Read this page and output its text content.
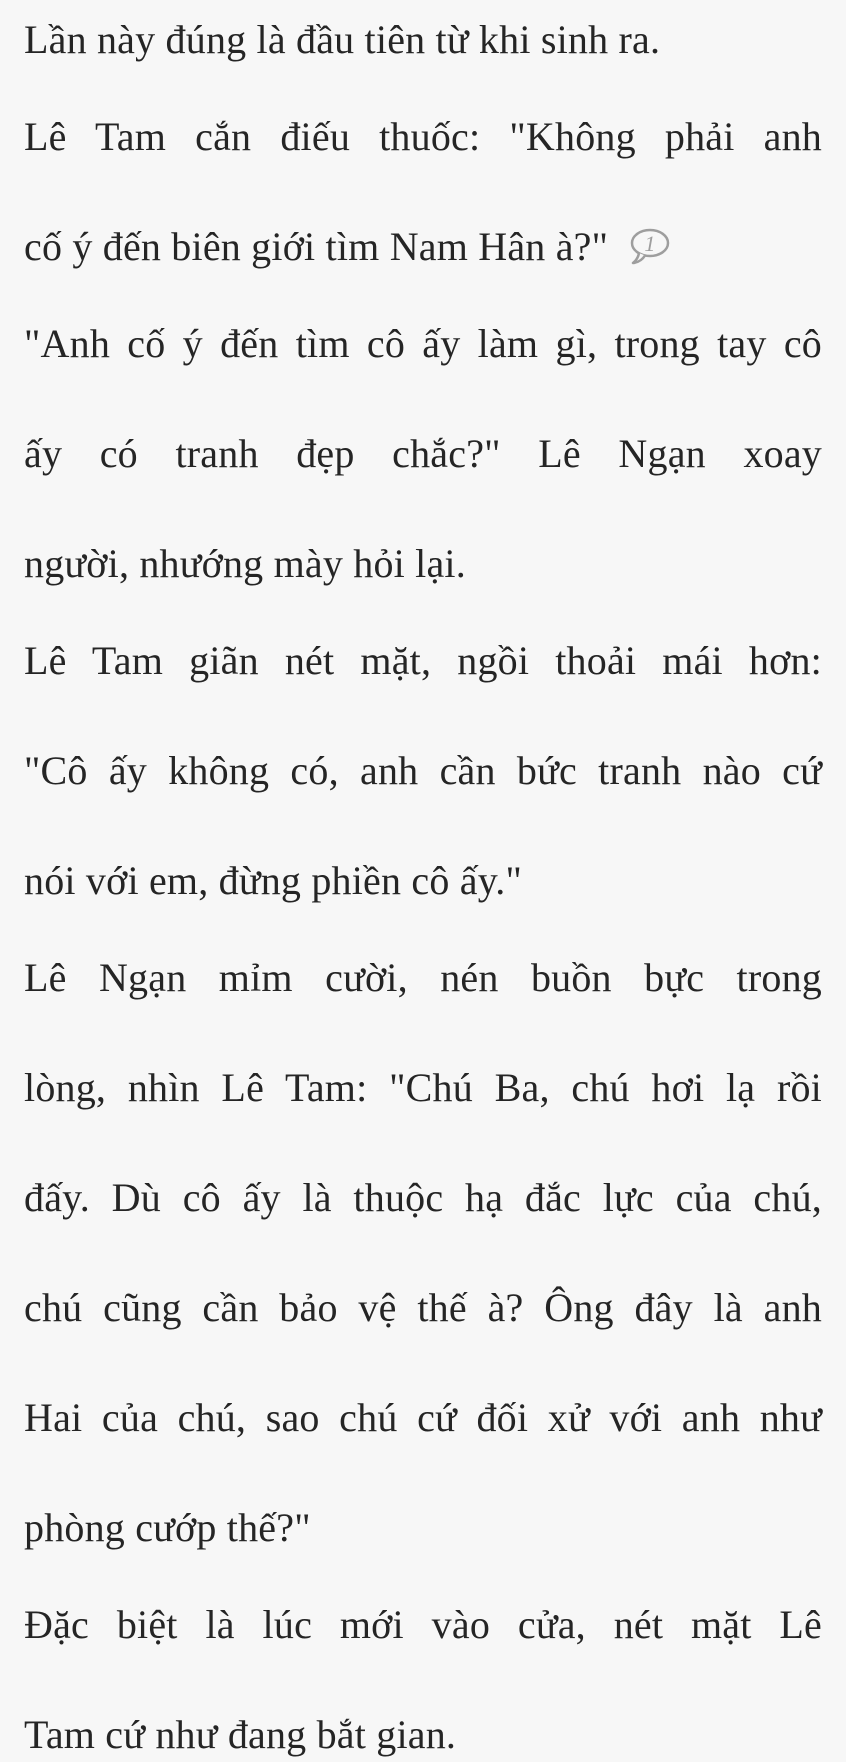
Lần này đúng là đầu tiên từ khi sinh ra.

Lê Tam cắn điếu thuốc: "Không phải anh
cố ý đến biên giới tìm Nam Hân à?" 1

"Anh cố ý đến tìm cô ấy làm gì, trong tay cô
ấy có tranh đẹp chắc?" Lê Ngạn xoay
người, nhướng mày hỏi lại.

Lê Tam giãn nét mặt, ngồi thoải mái hơn:
"Cô ấy không có, anh cần bức tranh nào cứ
nói với em, đừng phiền cô ấy."

Lê Ngạn mỉm cười, nén buồn bực trong
lòng, nhìn Lê Tam: "Chú Ba, chú hơi lạ rồi
đấy. Dù cô ấy là thuộc hạ đắc lực của chú,
chú cũng cần bảo vệ thế à? Ông đây là anh
Hai của chú, sao chú cứ đối xử với anh như
phòng cướp thế?"

Đặc biệt là lúc mới vào cửa, nét mặt Lê
Tam cứ như đang bắt gian.
